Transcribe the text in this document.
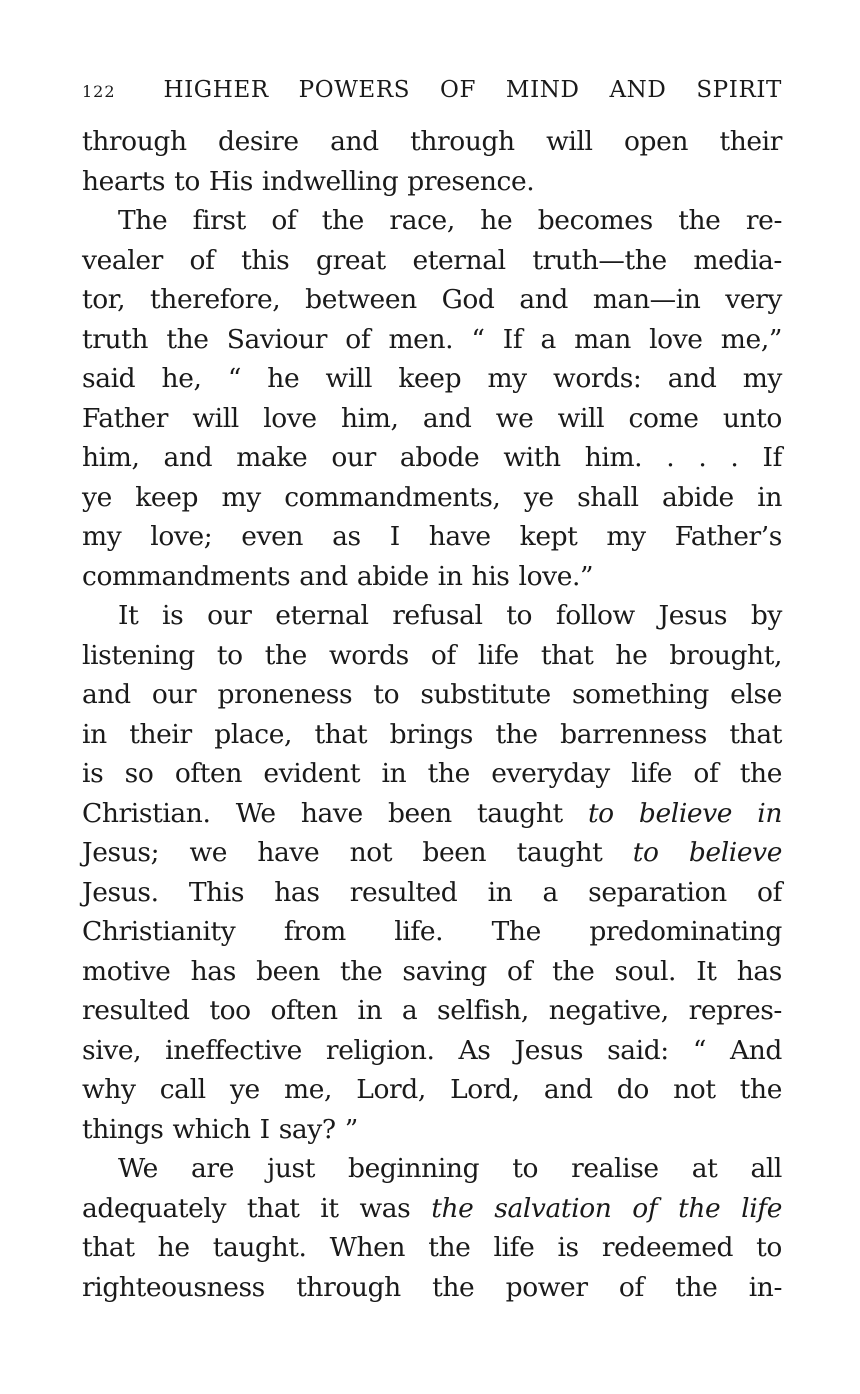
122 HIGHER POWERS OF MIND AND SPIRIT
through desire and through will open their
hearts to His indwelling presence.
The first of the race, he becomes the re-
vealer of this great eternal truth—the media-
tor, therefore, between God and man—in very
truth the Saviour of men. “ If a man love me,”
said he, “ he will keep my words: and my
Father will love him, and we will come unto
him, and make our abode with him. . . . If
ye keep my commandments, ye shall abide in
my love; even as I have kept my Father’s
commandments and abide in his love.”
It is our eternal refusal to follow Jesus by
listening to the words of life that he brought,
and our proneness to substitute something else
in their place, that brings the barrenness that
is so often evident in the everyday life of the
Christian. We have been taught to believe in
Jesus; we have not been taught to believe
Jesus. This has resulted in a separation of
Christianity from life. The predominating
motive has been the saving of the soul. It has
resulted too often in a selfish, negative, repres-
sive, ineffective religion. As Jesus said: “ And
why call ye me, Lord, Lord, and do not the
things which I say? ”
We are just beginning to realise at all
adequately that it was the salvation of the life
that he taught. When the life is redeemed to
righteousness through the power of the in-
